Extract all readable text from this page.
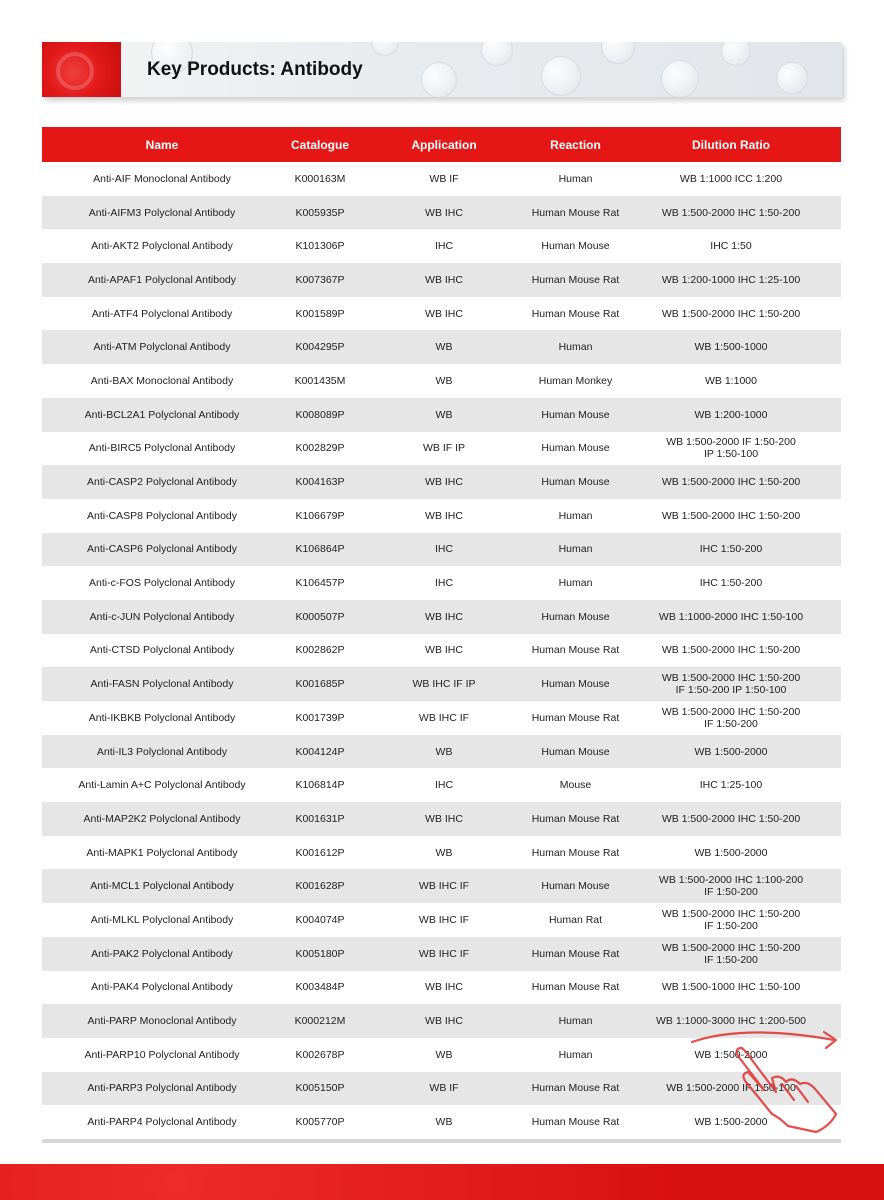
Key Products: Antibody
Name	Catalogue	Application	Reaction	Dilution Ratio
Anti-AIF Monoclonal Antibody	K000163M	WB IF	Human	WB 1:1000 ICC 1:200
Anti-AIFM3 Polyclonal Antibody	K005935P	WB IHC	Human Mouse Rat	WB 1:500-2000 IHC 1:50-200
Anti-AKT2 Polyclonal Antibody	K101306P	IHC	Human Mouse	IHC 1:50
Anti-APAF1 Polyclonal Antibody	K007367P	WB IHC	Human Mouse Rat	WB 1:200-1000 IHC 1:25-100
Anti-ATF4 Polyclonal Antibody	K001589P	WB IHC	Human Mouse Rat	WB 1:500-2000 IHC 1:50-200
Anti-ATM Polyclonal Antibody	K004295P	WB	Human	WB 1:500-1000
Anti-BAX Monoclonal Antibody	K001435M	WB	Human Monkey	WB 1:1000
Anti-BCL2A1 Polyclonal Antibody	K008089P	WB	Human Mouse	WB 1:200-1000
Anti-BIRC5 Polyclonal Antibody	K002829P	WB IF IP	Human Mouse	WB 1:500-2000 IF 1:50-200
IP 1:50-100
Anti-CASP2 Polyclonal Antibody	K004163P	WB IHC	Human Mouse	WB 1:500-2000 IHC 1:50-200
Anti-CASP8 Polyclonal Antibody	K106679P	WB IHC	Human	WB 1:500-2000 IHC 1:50-200
Anti-CASP6 Polyclonal Antibody	K106864P	IHC	Human	IHC 1:50-200
Anti-c-FOS Polyclonal Antibody	K106457P	IHC	Human	IHC 1:50-200
Anti-c-JUN Polyclonal Antibody	K000507P	WB IHC	Human Mouse	WB 1:1000-2000 IHC 1:50-100
Anti-CTSD Polyclonal Antibody	K002862P	WB IHC	Human Mouse Rat	WB 1:500-2000 IHC 1:50-200
Anti-FASN Polyclonal Antibody	K001685P	WB IHC IF IP	Human Mouse	WB 1:500-2000 IHC 1:50-200
IF 1:50-200 IP 1:50-100
Anti-IKBKB Polyclonal Antibody	K001739P	WB IHC IF	Human Mouse Rat	WB 1:500-2000 IHC 1:50-200
IF 1:50-200
Anti-IL3 Polyclonal Antibody	K004124P	WB	Human Mouse	WB 1:500-2000
Anti-Lamin A+C Polyclonal Antibody	K106814P	IHC	Mouse	IHC 1:25-100
Anti-MAP2K2 Polyclonal Antibody	K001631P	WB IHC	Human Mouse Rat	WB 1:500-2000 IHC 1:50-200
Anti-MAPK1 Polyclonal Antibody	K001612P	WB	Human Mouse Rat	WB 1:500-2000
Anti-MCL1 Polyclonal Antibody	K001628P	WB IHC IF	Human Mouse	WB 1:500-2000 IHC 1:100-200
IF 1:50-200
Anti-MLKL Polyclonal Antibody	K004074P	WB IHC IF	Human Rat	WB 1:500-2000 IHC 1:50-200
IF 1:50-200
Anti-PAK2 Polyclonal Antibody	K005180P	WB IHC IF	Human Mouse Rat	WB 1:500-2000 IHC 1:50-200
IF 1:50-200
Anti-PAK4 Polyclonal Antibody	K003484P	WB IHC	Human Mouse Rat	WB 1:500-1000 IHC 1:50-100
Anti-PARP Monoclonal Antibody	K000212M	WB IHC	Human	WB 1:1000-3000 IHC 1:200-500
Anti-PARP10 Polyclonal Antibody	K002678P	WB	Human	WB 1:500-2000
Anti-PARP3 Polyclonal Antibody	K005150P	WB IF	Human Mouse Rat	WB 1:500-2000 IF 1:50-100
Anti-PARP4 Polyclonal Antibody	K005770P	WB	Human Mouse Rat	WB 1:500-2000
